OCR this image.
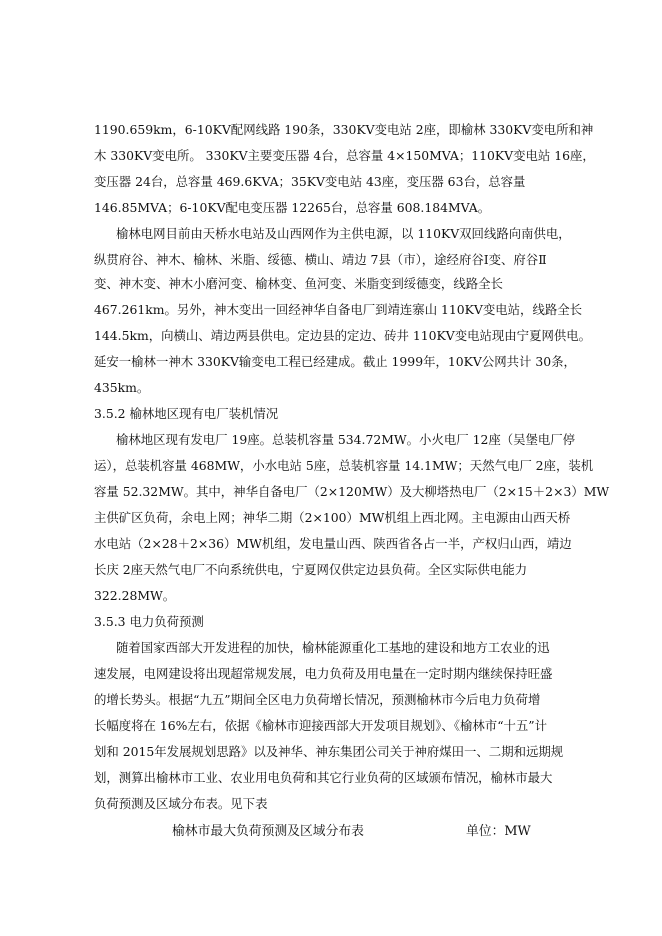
1190.659km，6-10KV配网线路 190条，330KV变电站 2座，即榆林 330KV变电所和神
木 330KV变电所。 330KV主要变压器 4台，总容量 4×150MVA；110KV变电站 16座，
变压器 24台，总容量 469.6KVA；35KV变电站 43座，变压器 63台，总容量
146.85MVA；6-10KV配电变压器 12265台，总容量 608.184MVA。
榆林电网目前由天桥水电站及山西网作为主供电源，以 110KV双回线路向南供电，
纵贯府谷、神木、榆林、米脂、绥德、横山、靖边 7县（市），途经府谷Ⅰ变、府谷Ⅱ
变、神木变、神木小磨河变、榆林变、鱼河变、米脂变到绥德变，线路全长
467.261km。另外，神木变出一回经神华自备电厂到靖连寨山 110KV变电站，线路全长
144.5km，向横山、靖边两县供电。定边县的定边、砖井 110KV变电站现由宁夏网供电。
延安一榆林一神木 330KV输变电工程已经建成。截止 1999年，10KV公网共计 30条，
435km。
3.5.2 榆林地区现有电厂装机情况
榆林地区现有发电厂 19座。总装机容量 534.72MW。小火电厂 12座（吴堡电厂停
运），总装机容量 468MW，小水电站 5座，总装机容量 14.1MW；天然气电厂 2座，装机
容量 52.32MW。其中，神华自备电厂（2×120MW）及大柳塔热电厂（2×15＋2×3）MW
主供矿区负荷，余电上网；神华二期（2×100）MW机组上西北网。主电源由山西天桥
水电站（2×28＋2×36）MW机组，发电量山西、陕西省各占一半，产权归山西，靖边
长庆 2座天然气电厂不向系统供电，宁夏网仅供定边县负荷。全区实际供电能力
322.28MW。
3.5.3 电力负荷预测
随着国家西部大开发进程的加快，榆林能源重化工基地的建设和地方工农业的迅
速发展，电网建设将出现超常规发展，电力负荷及用电量在一定时期内继续保持旺盛
的增长势头。根据“九五”期间全区电力负荷增长情况，预测榆林市今后电力负荷增
长幅度将在 16%左右，依据《榆林市迎接西部大开发项目规划》、《榆林市“十五”计
划和 2015年发展规划思路》以及神华、神东集团公司关于神府煤田一、二期和远期规
划，测算出榆林市工业、农业用电负荷和其它行业负荷的区域颁布情况，榆林市最大
负荷预测及区域分布表。见下表
榆林市最大负荷预测及区域分布表	单位：MW
